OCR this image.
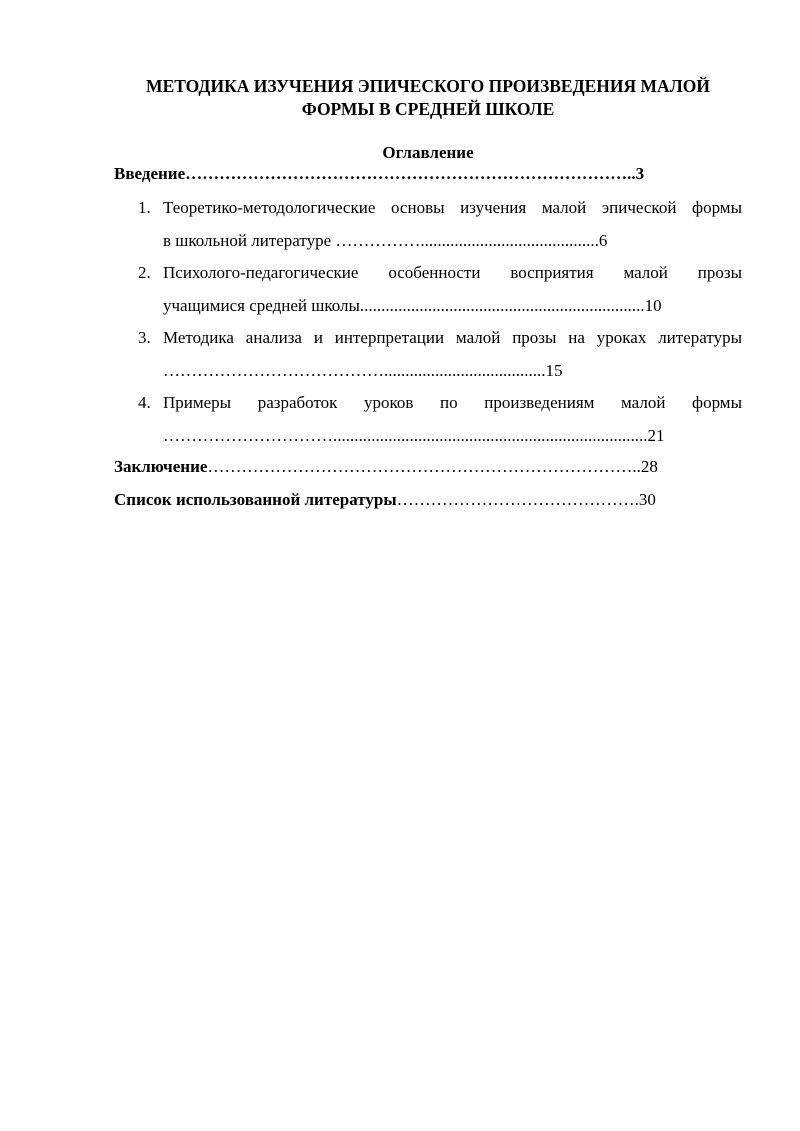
МЕТОДИКА ИЗУЧЕНИЯ ЭПИЧЕСКОГО ПРОИЗВЕДЕНИЯ МАЛОЙ
ФОРМЫ В СРЕДНЕЙ ШКОЛЕ
Оглавление
Введение……………………………………………………………………..3
1. Теоретико-методологические основы изучения малой эпической формы
в школьной литературе ……………..........................................6
2. Психолого-педагогические особенности восприятия малой прозы
учащимися средней школы...................................................................10
3. Методика анализа и интерпретации малой прозы на уроках литературы
…………………………………......................................15
4. Примеры разработок уроков по произведениям малой формы
…………………………..........................................................................21
Заключение…………………………………………………………………..28
Список использованной литературы…………………………………….30
